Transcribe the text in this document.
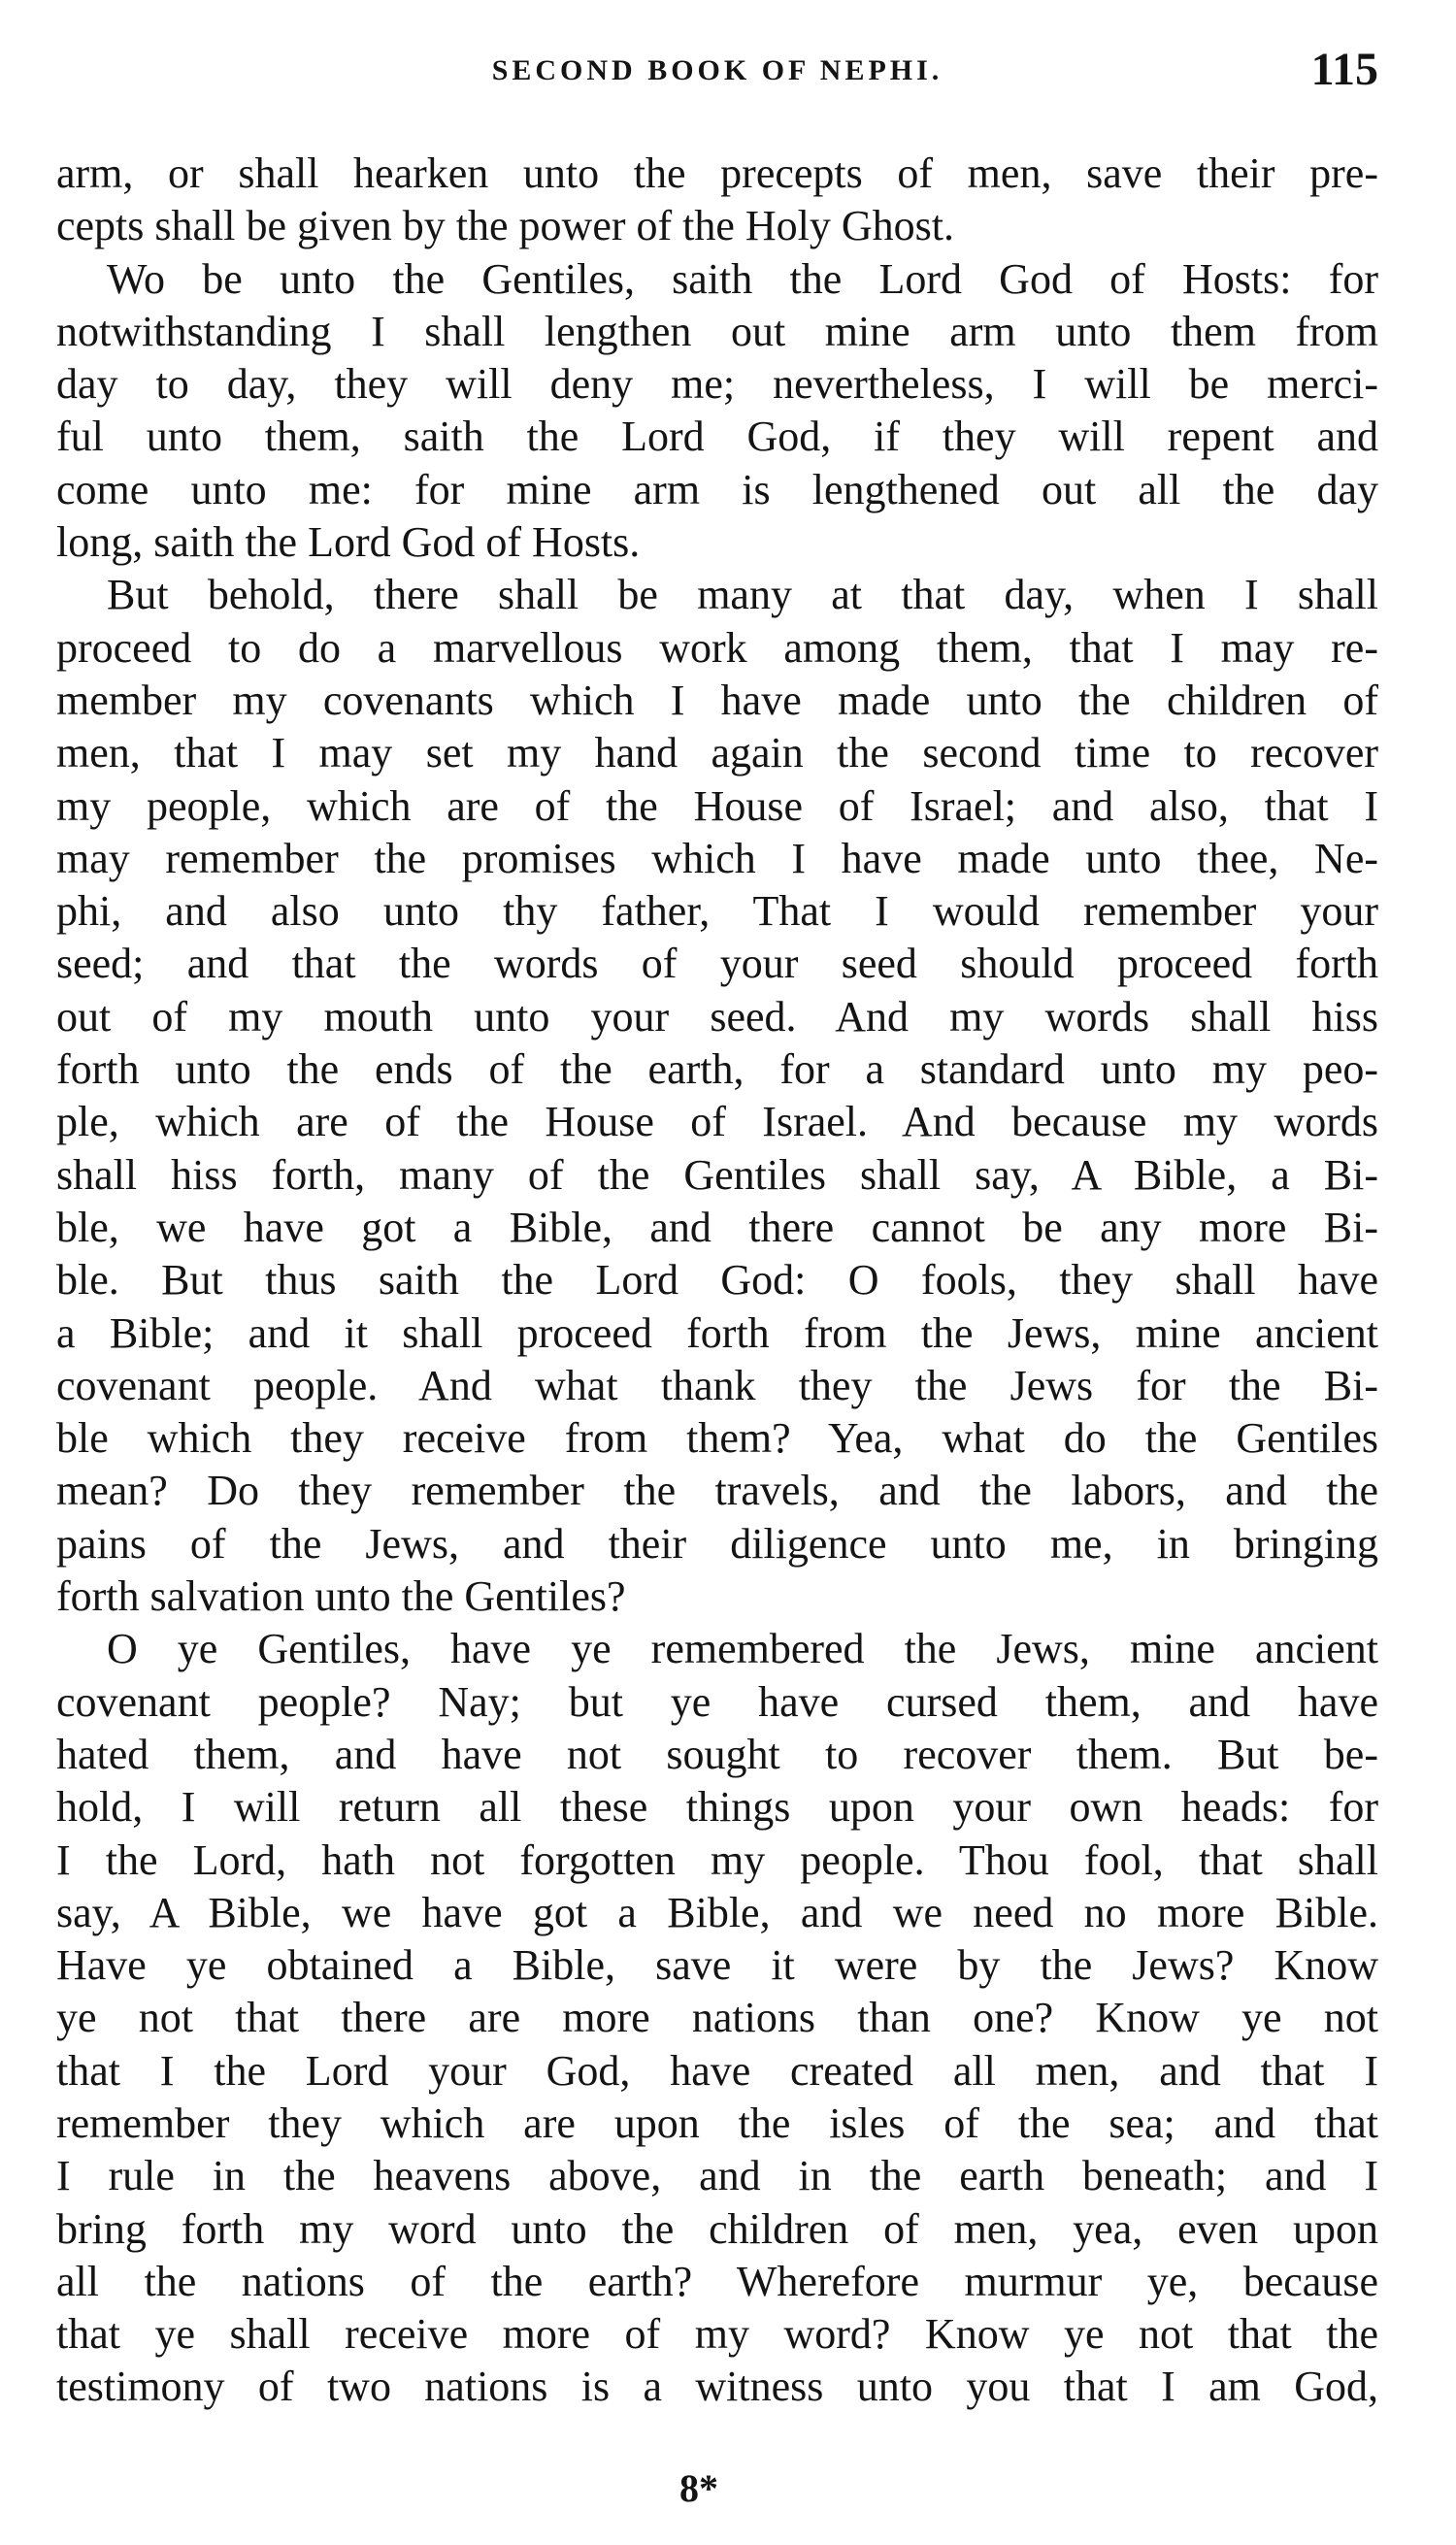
SECOND BOOK OF NEPHI.	115
arm, or shall hearken unto the precepts of men, save their pre-
cepts shall be given by the power of the Holy Ghost.
Wo be unto the Gentiles, saith the Lord God of Hosts: for
notwithstanding I shall lengthen out mine arm unto them from
day to day, they will deny me; nevertheless, I will be merci-
ful unto them, saith the Lord God, if they will repent and
come unto me: for mine arm is lengthened out all the day
long, saith the Lord God of Hosts.
But behold, there shall be many at that day, when I shall
proceed to do a marvellous work among them, that I may re-
member my covenants which I have made unto the children of
men, that I may set my hand again the second time to recover
my people, which are of the House of Israel; and also, that I
may remember the promises which I have made unto thee, Ne-
phi, and also unto thy father, That I would remember your
seed; and that the words of your seed should proceed forth
out of my mouth unto your seed. And my words shall hiss
forth unto the ends of the earth, for a standard unto my peo-
ple, which are of the House of Israel. And because my words
shall hiss forth, many of the Gentiles shall say, A Bible, a Bi-
ble, we have got a Bible, and there cannot be any more Bi-
ble. But thus saith the Lord God: O fools, they shall have
a Bible; and it shall proceed forth from the Jews, mine ancient
covenant people. And what thank they the Jews for the Bi-
ble which they receive from them? Yea, what do the Gentiles
mean? Do they remember the travels, and the labors, and the
pains of the Jews, and their diligence unto me, in bringing
forth salvation unto the Gentiles?
O ye Gentiles, have ye remembered the Jews, mine ancient
covenant people? Nay; but ye have cursed them, and have
hated them, and have not sought to recover them. But be-
hold, I will return all these things upon your own heads: for
I the Lord, hath not forgotten my people. Thou fool, that shall
say, A Bible, we have got a Bible, and we need no more Bible.
Have ye obtained a Bible, save it were by the Jews? Know
ye not that there are more nations than one? Know ye not
that I the Lord your God, have created all men, and that I
remember they which are upon the isles of the sea; and that
I rule in the heavens above, and in the earth beneath; and I
bring forth my word unto the children of men, yea, even upon
all the nations of the earth? Wherefore murmur ye, because
that ye shall receive more of my word? Know ye not that the
testimony of two nations is a witness unto you that I am God,
8*
